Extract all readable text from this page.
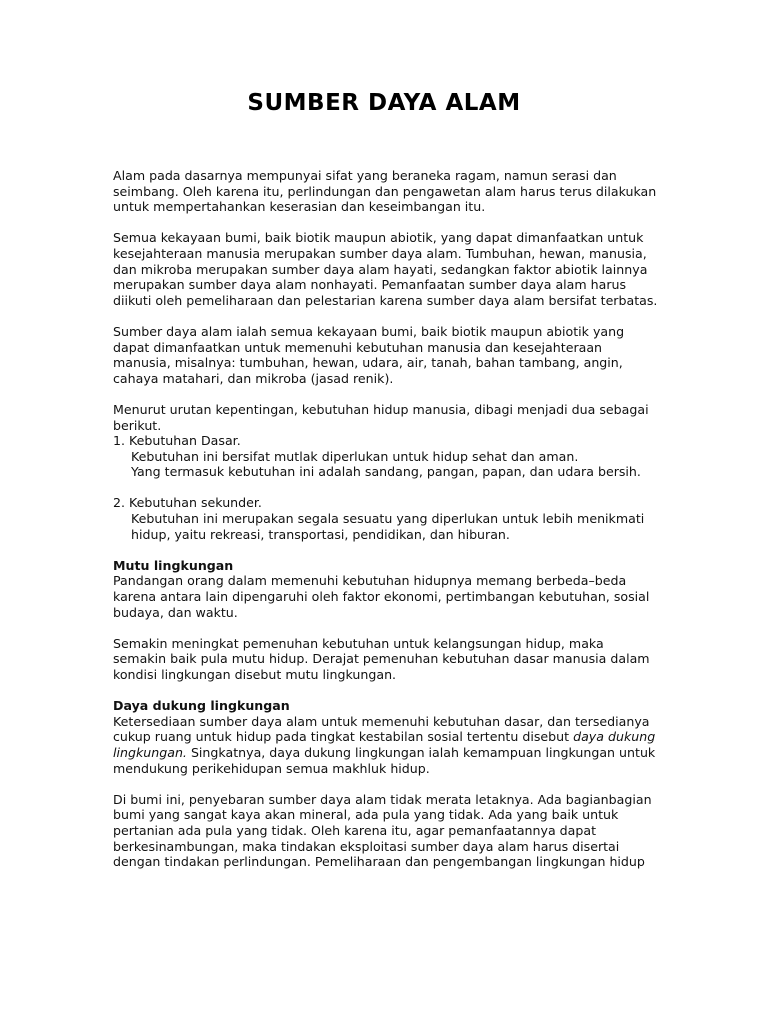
SUMBER DAYA ALAM

Alam pada dasarnya mempunyai sifat yang beraneka ragam, namun serasi dan seimbang. Oleh karena itu, perlindungan dan pengawetan alam harus terus dilakukan untuk mempertahankan keserasian dan keseimbangan itu.

Semua kekayaan bumi, baik biotik maupun abiotik, yang dapat dimanfaatkan untuk kesejahteraan manusia merupakan sumber daya alam. Tumbuhan, hewan, manusia, dan mikroba merupakan sumber daya alam hayati, sedangkan faktor abiotik lainnya merupakan sumber daya alam nonhayati. Pemanfaatan sumber daya alam harus diikuti oleh pemeliharaan dan pelestarian karena sumber daya alam bersifat terbatas.

Sumber daya alam ialah semua kekayaan bumi, baik biotik maupun abiotik yang dapat dimanfaatkan untuk memenuhi kebutuhan manusia dan kesejahteraan manusia, misalnya: tumbuhan, hewan, udara, air, tanah, bahan tambang, angin, cahaya matahari, dan mikroba (jasad renik).

Menurut urutan kepentingan, kebutuhan hidup manusia, dibagi menjadi dua sebagai berikut.

1. Kebutuhan Dasar.
Kebutuhan ini bersifat mutlak diperlukan untuk hidup sehat dan aman.
Yang termasuk kebutuhan ini adalah sandang, pangan, papan, dan udara bersih.
2. Kebutuhan sekunder.
Kebutuhan ini merupakan segala sesuatu yang diperlukan untuk lebih menikmati hidup, yaitu rekreasi, transportasi, pendidikan, dan hiburan.

Mutu lingkungan

Pandangan orang dalam memenuhi kebutuhan hidupnya memang berbeda–beda karena antara lain dipengaruhi oleh faktor ekonomi, pertimbangan kebutuhan, sosial budaya, dan waktu.

Semakin meningkat pemenuhan kebutuhan untuk kelangsungan hidup, maka semakin baik pula mutu hidup. Derajat pemenuhan kebutuhan dasar manusia dalam kondisi lingkungan disebut mutu lingkungan.

Daya dukung lingkungan

Ketersediaan sumber daya alam untuk memenuhi kebutuhan dasar, dan tersedianya cukup ruang untuk hidup pada tingkat kestabilan sosial tertentu disebut daya dukung lingkungan. Singkatnya, daya dukung lingkungan ialah kemampuan lingkungan untuk mendukung perikehidupan semua makhluk hidup.

Di bumi ini, penyebaran sumber daya alam tidak merata letaknya. Ada bagianbagian bumi yang sangat kaya akan mineral, ada pula yang tidak. Ada yang baik untuk pertanian ada pula yang tidak. Oleh karena itu, agar pemanfaatannya dapat berkesinambungan, maka tindakan eksploitasi sumber daya alam harus disertai dengan tindakan perlindungan. Pemeliharaan dan pengembangan lingkungan hidup
